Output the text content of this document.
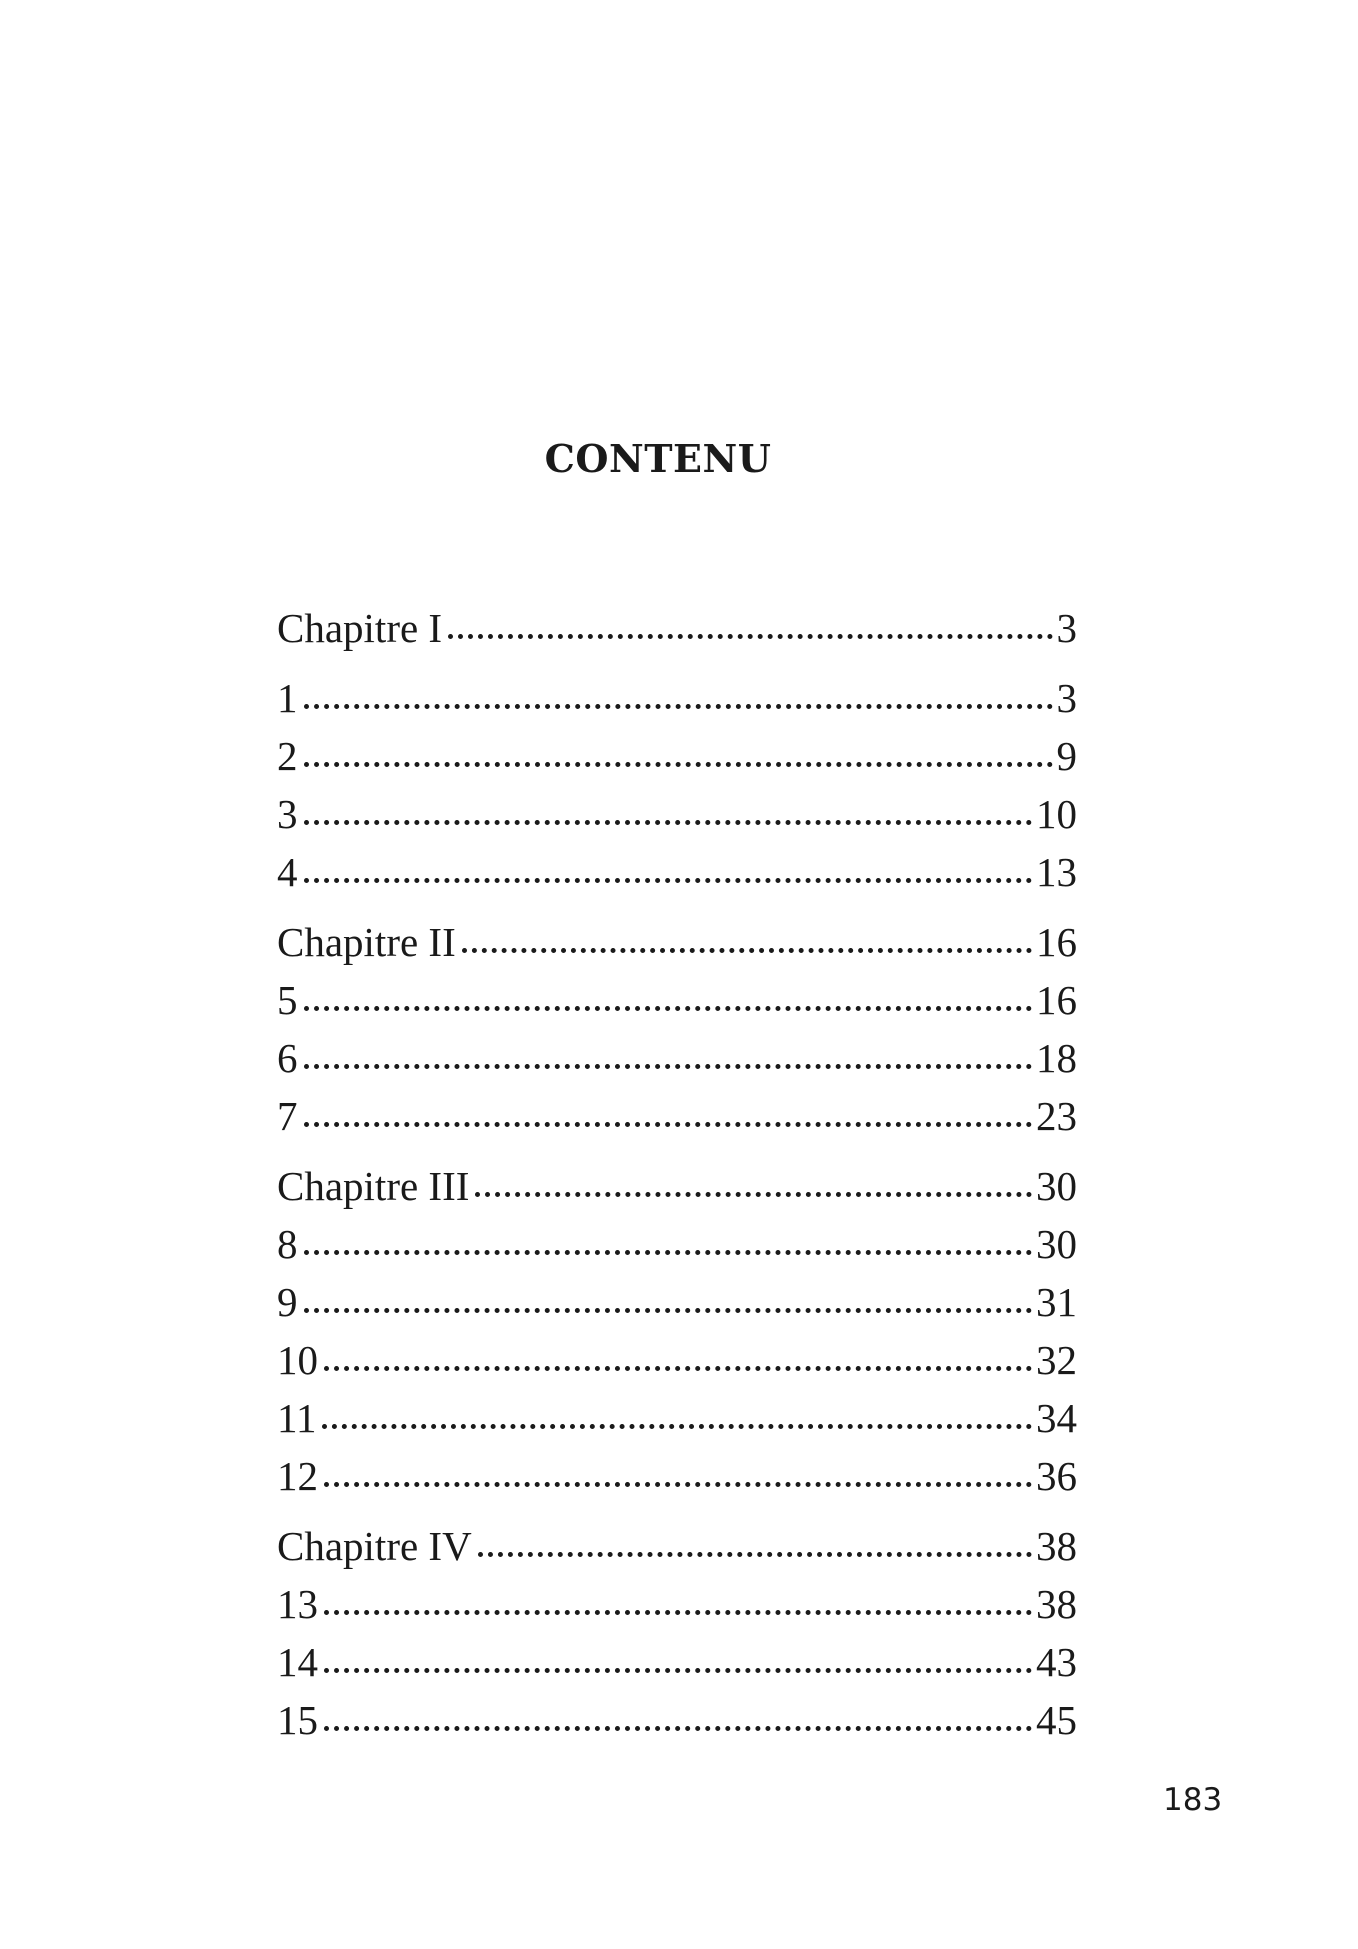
CONTENU
Chapitre I	3
1	3
2	9
3	10
4	13
Chapitre II	16
5	16
6	18
7	23
Chapitre III	30
8	30
9	31
10	32
11	34
12	36
Chapitre IV	38
13	38
14	43
15	45
183
